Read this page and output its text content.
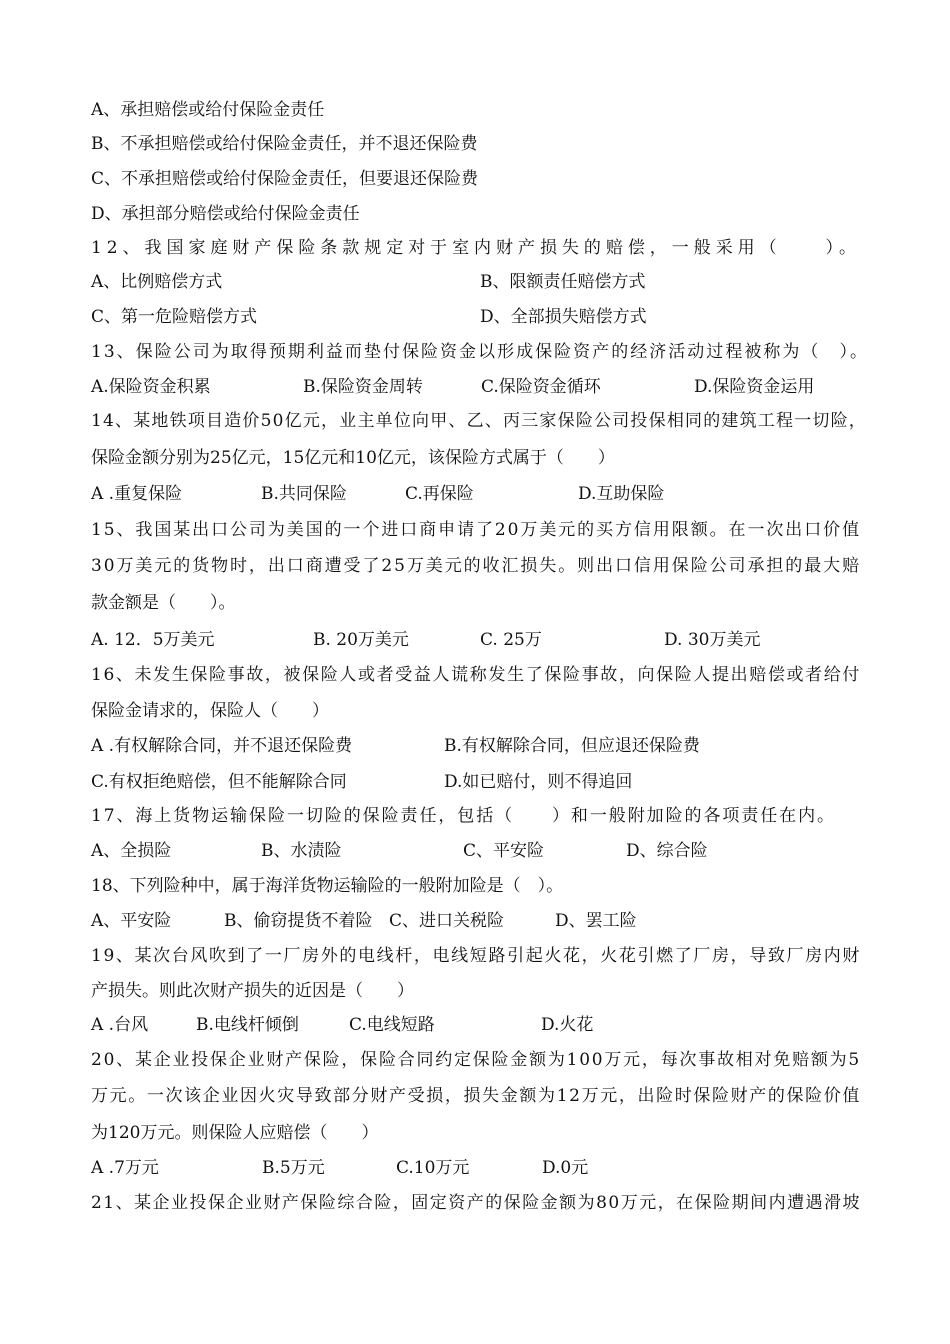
A、承担赔偿或给付保险金责任
B、不承担赔偿或给付保险金责任，并不退还保险费
C、不承担赔偿或给付保险金责任，但要退还保险费
D、承担部分赔偿或给付保险金责任
12、我国家庭财产保险条款规定对于室内财产损失的赔偿，一般采用（　　）。
A、比例赔偿方式	B、限额责任赔偿方式
C、第一危险赔偿方式	D、全部损失赔偿方式
13、保险公司为取得预期利益而垫付保险资金以形成保险资产的经济活动过程被称为（　）。
A.保险资金积累	B.保险资金周转	C.保险资金循环	D.保险资金运用
14、某地铁项目造价50亿元，业主单位向甲、乙、丙三家保险公司投保相同的建筑工程一切险，
保险金额分别为25亿元，15亿元和10亿元，该保险方式属于（　　）
A .重复保险	B.共同保险	C.再保险	D.互助保险
15、我国某出口公司为美国的一个进口商申请了20万美元的买方信用限额。在一次出口价值
30万美元的货物时，出口商遭受了25万美元的收汇损失。则出口信用保险公司承担的最大赔
款金额是（　　）。
A. 12．5万美元	B. 20万美元	C. 25万	D. 30万美元
16、未发生保险事故，被保险人或者受益人谎称发生了保险事故，向保险人提出赔偿或者给付
保险金请求的，保险人（　　）
A .有权解除合同，并不退还保险费	B.有权解除合同，但应退还保险费
C.有权拒绝赔偿，但不能解除合同	D.如已赔付，则不得追回
17、海上货物运输保险一切险的保险责任，包括（　　）和一般附加险的各项责任在内。
A、全损险	B、水渍险	C、平安险	D、综合险
18、下列险种中，属于海洋货物运输险的一般附加险是（　）。
A、平安险	B、偷窃提货不着险 C、进口关税险	D、罢工险
19、某次台风吹到了一厂房外的电线杆，电线短路引起火花，火花引燃了厂房，导致厂房内财
产损失。则此次财产损失的近因是（　　）
A .台风	B.电线杆倾倒	C.电线短路	D.火花
20、某企业投保企业财产保险，保险合同约定保险金额为100万元，每次事故相对免赔额为5
万元。一次该企业因火灾导致部分财产受损，损失金额为12万元，出险时保险财产的保险价值
为120万元。则保险人应赔偿（　　）
A .7万元	B.5万元	C.10万元	D.0元
21、某企业投保企业财产保险综合险，固定资产的保险金额为80万元，在保险期间内遭遇滑坡
